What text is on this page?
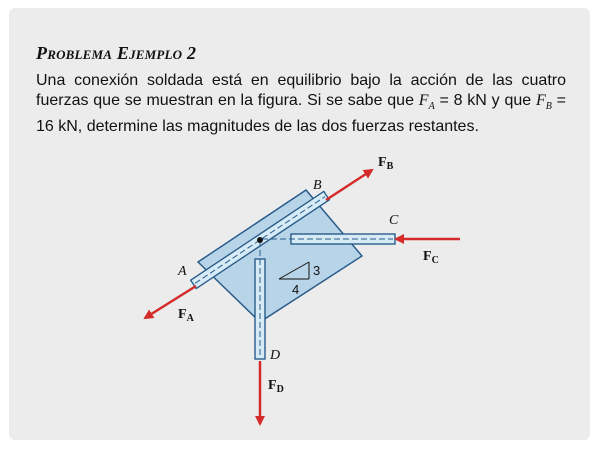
Problema Ejemplo 2

Una conexión soldada está en equilibrio bajo la acción de las cuatro fuerzas que se muestran en la figura. Si se sabe que $F_A = 8$ kN y que $F_B = 16$ kN, determine las magnitudes de las dos fuerzas restantes.

3
4
A
B
C
D
$F_B$
$F_C$
$F_A$
$F_D$
